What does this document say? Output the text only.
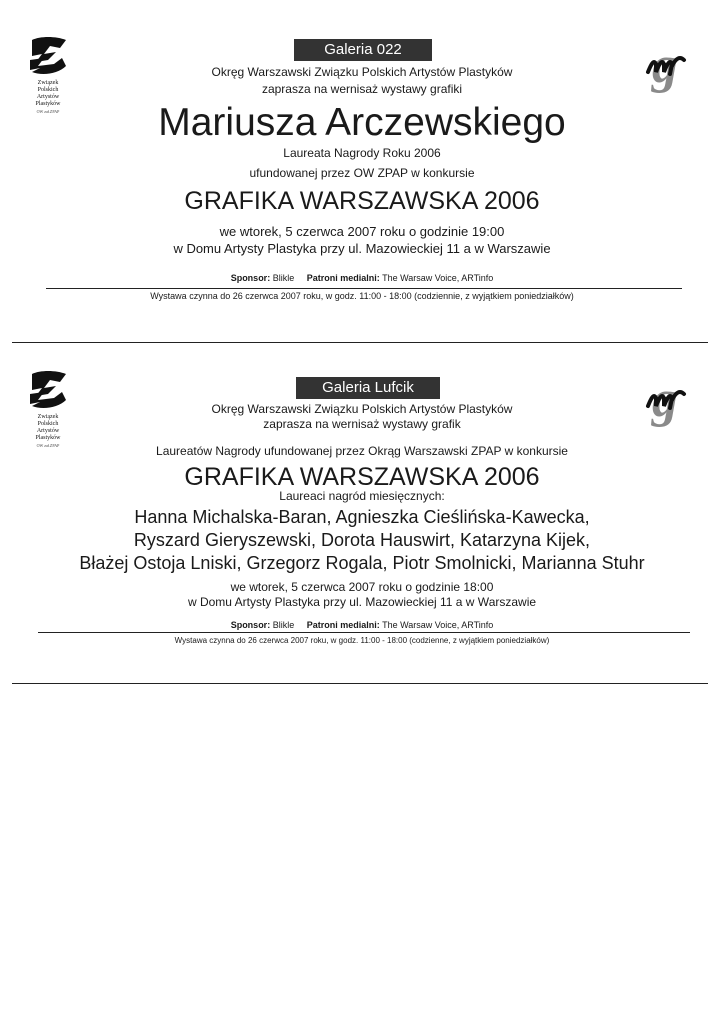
Związek
Polskich
Artystów
Plastyków
OW zał.ZPAP
g
Galeria 022
Okręg Warszawski Związku Polskich Artystów Plastyków
zaprasza na wernisaż wystawy grafiki
Mariusza Arczewskiego
Laureata Nagrody Roku 2006
ufundowanej przez OW ZPAP w konkursie
GRAFIKA WARSZAWSKA 2006
we wtorek, 5 czerwca 2007 roku o godzinie 19:00
w Domu Artysty Plastyka przy ul. Mazowieckiej 11 a w Warszawie
Sponsor: Blikle Patroni medialni: The Warsaw Voice, ARTinfo
Wystawa czynna do 26 czerwca 2007 roku, w godz. 11:00 - 18:00 (codziennie, z wyjątkiem poniedziałków)
Związek
Polskich
Artystów
Plastyków
OW zał.ZPAP
g
Galeria Lufcik
Okręg Warszawski Związku Polskich Artystów Plastyków
zaprasza na wernisaż wystawy grafik
Laureatów Nagrody ufundowanej przez Okrąg Warszawski ZPAP w konkursie
GRAFIKA WARSZAWSKA 2006
Laureaci nagród miesięcznych:
Hanna Michalska-Baran, Agnieszka Cieślińska-Kawecka,
Ryszard Gieryszewski, Dorota Hauswirt, Katarzyna Kijek,
Błażej Ostoja Lniski, Grzegorz Rogala, Piotr Smolnicki, Marianna Stuhr
we wtorek, 5 czerwca 2007 roku o godzinie 18:00
w Domu Artysty Plastyka przy ul. Mazowieckiej 11 a w Warszawie
Sponsor: Blikle Patroni medialni: The Warsaw Voice, ARTinfo
Wystawa czynna do 26 czerwca 2007 roku, w godz. 11:00 - 18:00 (codzienne, z wyjątkiem poniedziałków)
